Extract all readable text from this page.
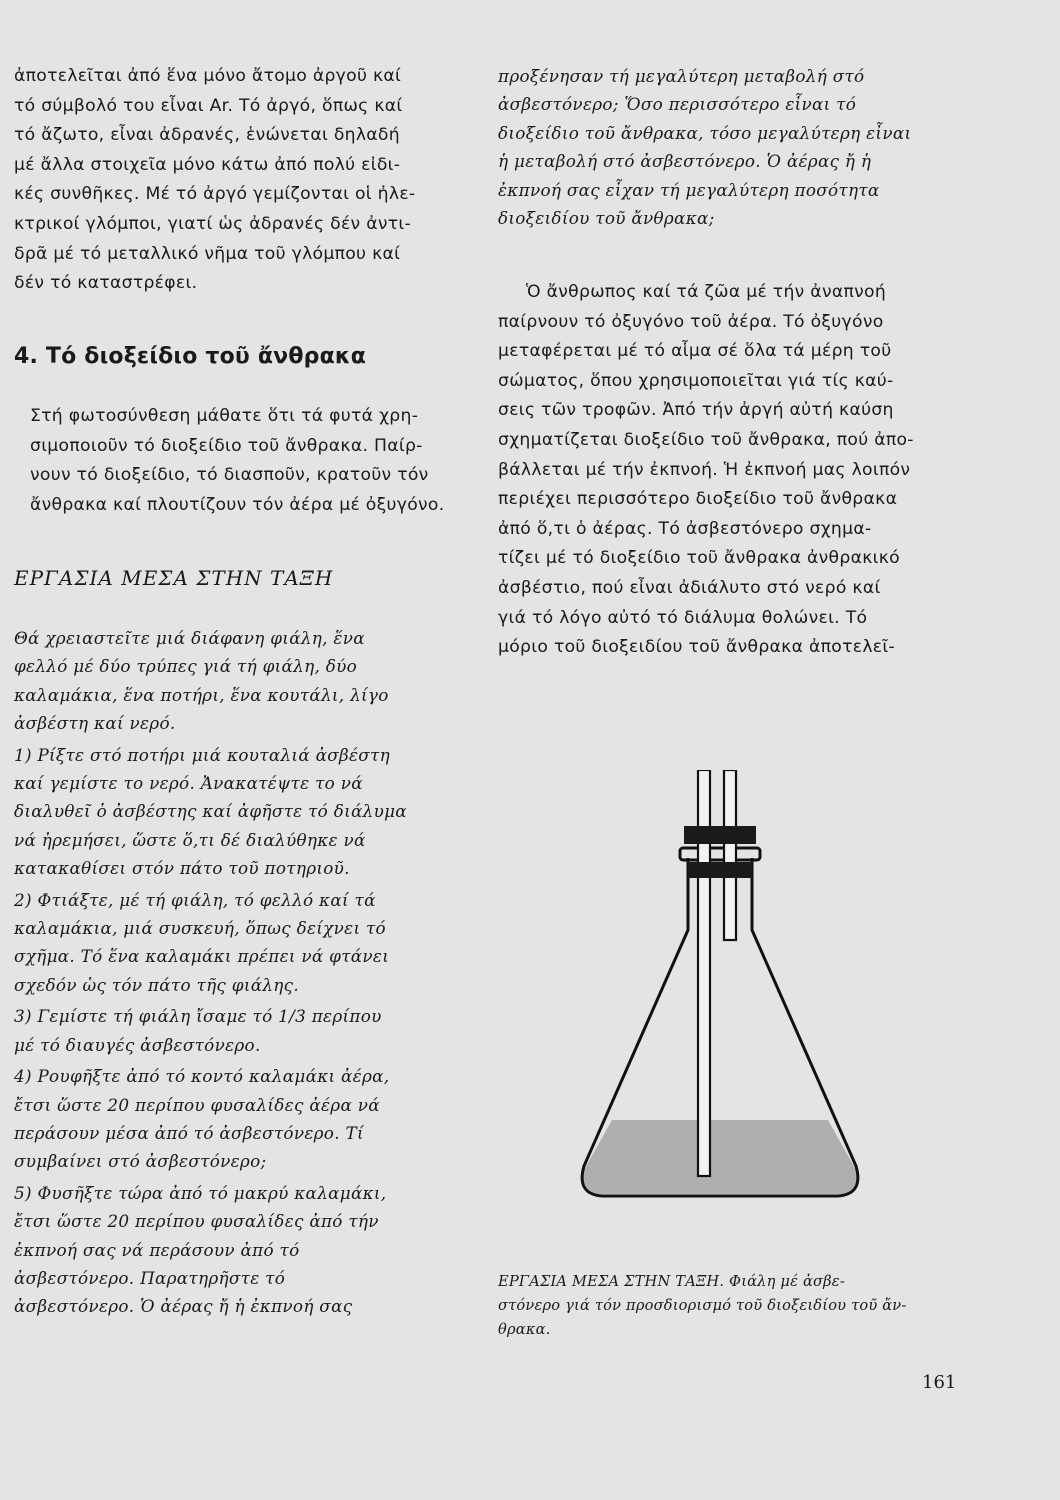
ἀποτελεῖται ἀπό ἕνα μόνο ἄτομο ἀργοῦ καί
τό σύμβολό του εἶναι Ar. Τό ἀργό, ὅπως καί
τό ἄζωτο, εἶναι ἀδρανές, ἑνώνεται δηλαδή
μέ ἄλλα στοιχεῖα μόνο κάτω ἀπό πολύ εἰδι-
κές συνθῆκες. Μέ τό ἀργό γεμίζονται οἱ ἠλε-
κτρικοί γλόμποι, γιατί ὡς ἀδρανές δέν ἀντι-
δρᾶ μέ τό μεταλλικό νῆμα τοῦ γλόμπου καί
δέν τό καταστρέφει.
4. Τό διοξείδιο τοῦ ἄνθρακα
Στή φωτοσύνθεση μάθατε ὅτι τά φυτά χρη-
σιμοποιοῦν τό διοξείδιο τοῦ ἄνθρακα. Παίρ-
νουν τό διοξείδιο, τό διασποῦν, κρατοῦν τόν
ἄνθρακα καί πλουτίζουν τόν ἀέρα μέ ὀξυγόνο.
ΕΡΓΑΣΙΑ ΜΕΣΑ ΣΤΗΝ ΤΑΞΗ
Θά χρειαστεῖτε μιά διάφανη φιάλη, ἕνα
φελλό μέ δύο τρύπες γιά τή φιάλη, δύο
καλαμάκια, ἕνα ποτήρι, ἕνα κουτάλι, λίγο
ἀσβέστη καί νερό.
1) Ρίξτε στό ποτήρι μιά κουταλιά ἀσβέστη
καί γεμίστε το νερό. Ἀνακατέψτε το νά
διαλυθεῖ ὁ ἀσβέστης καί ἀφῆστε τό διάλυμα
νά ἠρεμήσει, ὥστε ὅ,τι δέ διαλύθηκε νά
κατακαθίσει στόν πάτο τοῦ ποτηριοῦ.
2) Φτιάξτε, μέ τή φιάλη, τό φελλό καί τά
καλαμάκια, μιά συσκευή, ὅπως δείχνει τό
σχῆμα. Τό ἕνα καλαμάκι πρέπει νά φτάνει
σχεδόν ὡς τόν πάτο τῆς φιάλης.
3) Γεμίστε τή φιάλη ἴσαμε τό 1/3 περίπου
μέ τό διαυγές ἀσβεστόνερο.
4) Ρουφῆξτε ἀπό τό κοντό καλαμάκι ἀέρα,
ἔτσι ὥστε 20 περίπου φυσαλίδες ἀέρα νά
περάσουν μέσα ἀπό τό ἀσβεστόνερο. Τί
συμβαίνει στό ἀσβεστόνερο;
5) Φυσῆξτε τώρα ἀπό τό μακρύ καλαμάκι,
ἔτσι ὥστε 20 περίπου φυσαλίδες ἀπό τήν
ἐκπνοή σας νά περάσουν ἀπό τό
ἀσβεστόνερο. Παρατηρῆστε τό
ἀσβεστόνερο. Ὁ ἀέρας ἤ ἡ ἐκπνοή σας
προξένησαν τή μεγαλύτερη μεταβολή στό
ἀσβεστόνερο; Ὅσο περισσότερο εἶναι τό
διοξείδιο τοῦ ἄνθρακα, τόσο μεγαλύτερη εἶναι
ἡ μεταβολή στό ἀσβεστόνερο. Ὁ ἀέρας ἤ ἡ
ἐκπνοή σας εἶχαν τή μεγαλύτερη ποσότητα
διοξειδίου τοῦ ἄνθρακα;
Ὁ ἄνθρωπος καί τά ζῶα μέ τήν ἀναπνοή
παίρνουν τό ὀξυγόνο τοῦ ἀέρα. Τό ὀξυγόνο
μεταφέρεται μέ τό αἷμα σέ ὅλα τά μέρη τοῦ
σώματος, ὅπου χρησιμοποιεῖται γιά τίς καύ-
σεις τῶν τροφῶν. Ἀπό τήν ἀργή αὐτή καύση
σχηματίζεται διοξείδιο τοῦ ἄνθρακα, πού ἀπο-
βάλλεται μέ τήν ἐκπνοή. Ἡ ἐκπνοή μας λοιπόν
περιέχει περισσότερο διοξείδιο τοῦ ἄνθρακα
ἀπό ὅ,τι ὁ ἀέρας. Τό ἀσβεστόνερο σχημα-
τίζει μέ τό διοξείδιο τοῦ ἄνθρακα ἀνθρακικό
ἀσβέστιο, πού εἶναι ἀδιάλυτο στό νερό καί
γιά τό λόγο αὐτό τό διάλυμα θολώνει. Τό
μόριο τοῦ διοξειδίου τοῦ ἄνθρακα ἀποτελεῖ-
ΕΡΓΑΣΙΑ ΜΕΣΑ ΣΤΗΝ ΤΑΞΗ. Φιάλη μέ ἀσβε-
στόνερο γιά τόν προσδιορισμό τοῦ διοξειδίου τοῦ ἄν-
θρακα.
161
